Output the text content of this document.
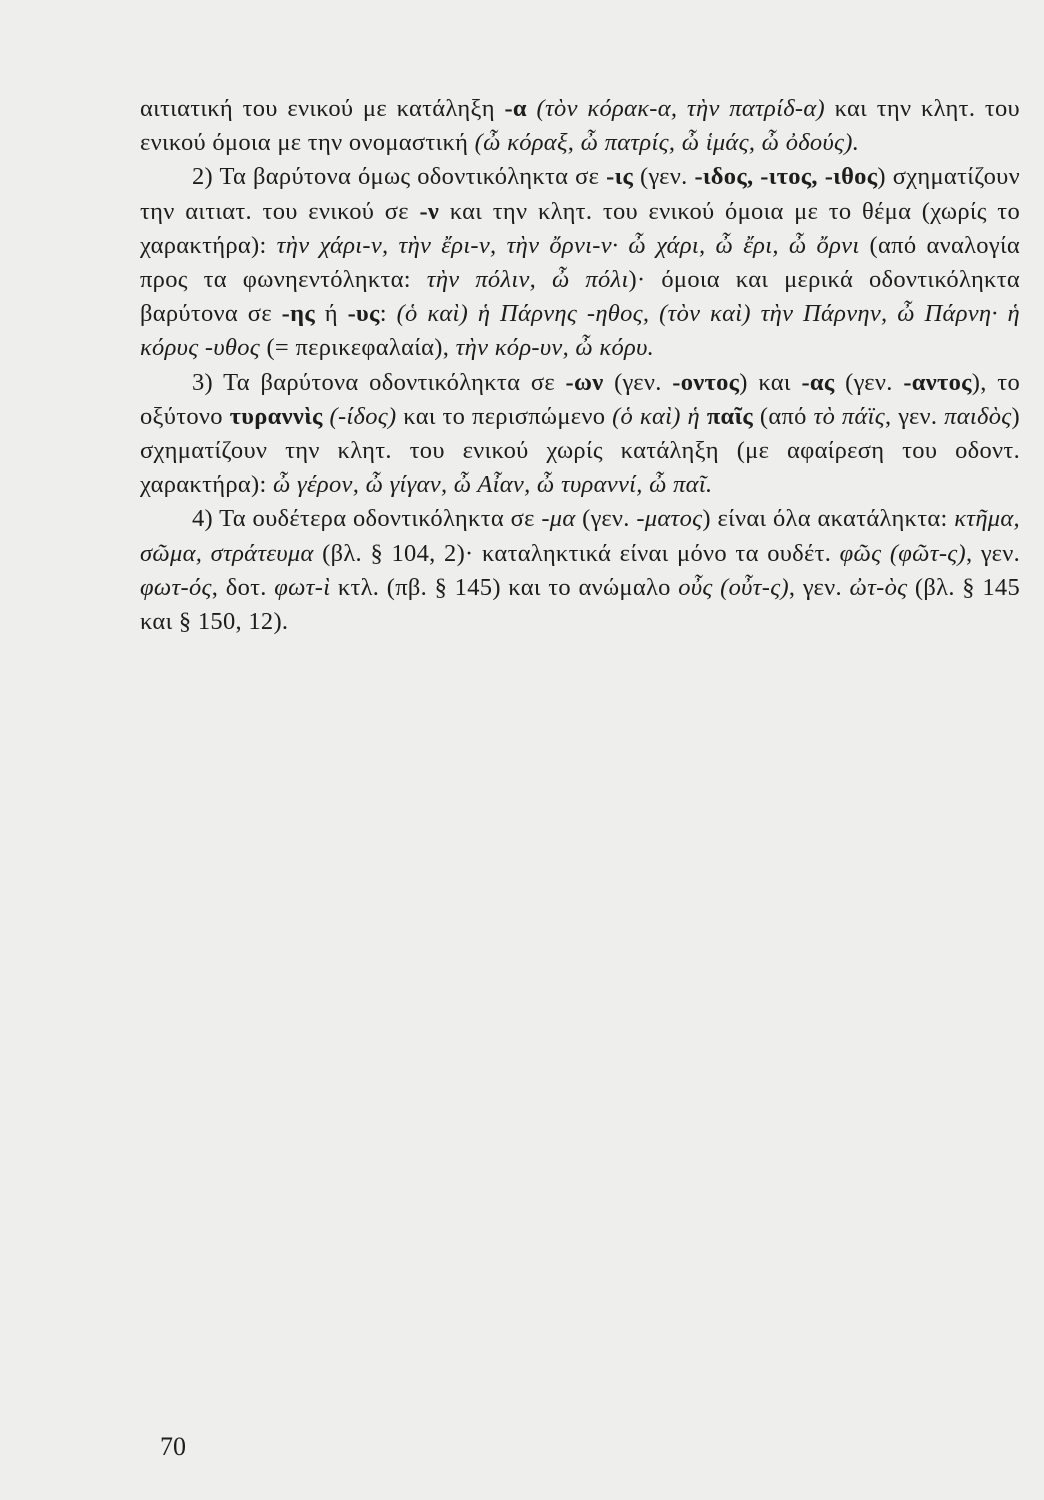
αιτιατική του ενικού με κατάληξη -α (τὸν κόρακ-α, τὴν πατρίδ-α) και την κλητ. του ενικού όμοια με την ονομαστική (ὦ κόραξ, ὦ πατρίς, ὦ ἱμάς, ὦ ὀδούς).

2) Τα βαρύτονα όμως οδοντικόληκτα σε -ις (γεν. -ιδος, -ιτος, -ιθος) σχηματίζουν την αιτιατ. του ενικού σε -ν και την κλητ. του ενικού όμοια με το θέμα (χωρίς το χαρακτήρα): τὴν χάρι-ν, τὴν ἔρι-ν, τὴν ὄρνι-ν· ὦ χάρι, ὦ ἔρι, ὦ ὄρνι (από αναλογία προς τα φωνηεντόληκτα: τὴν πόλιν, ὦ πόλι)· όμοια και μερικά οδοντικόληκτα βαρύτονα σε -ης ή -υς: (ὁ καὶ) ἡ Πάρνης -ηθος, (τὸν καὶ) τὴν Πάρνην, ὦ Πάρνη· ἡ κόρυς -υθος (= περικεφαλαία), τὴν κόρ-υν, ὦ κόρυ.

3) Τα βαρύτονα οδοντικόληκτα σε -ων (γεν. -οντος) και -ας (γεν. -αντος), το οξύτονο τυραννὶς (-ίδος) και το περισπώμενο (ὁ καὶ) ἡ παῖς (από τὸ πάϊς, γεν. παιδὸς) σχηματίζουν την κλητ. του ενικού χωρίς κατάληξη (με αφαίρεση του οδοντ. χαρακτήρα): ὦ γέρον, ὦ γίγαν, ὦ Αἶαν, ὦ τυραννί, ὦ παῖ.

4) Τα ουδέτερα οδοντικόληκτα σε -μα (γεν. -ματος) είναι όλα ακατάληκτα: κτῆμα, σῶμα, στράτευμα (βλ. § 104, 2)· καταληκτικά είναι μόνο τα ουδέτ. φῶς (φῶτ-ς), γεν. φωτ-ός, δοτ. φωτ-ὶ κτλ. (πβ. § 145) και το ανώμαλο οὖς (οὖτ-ς), γεν. ὠτ-ὸς (βλ. § 145 και § 150, 12).

70
